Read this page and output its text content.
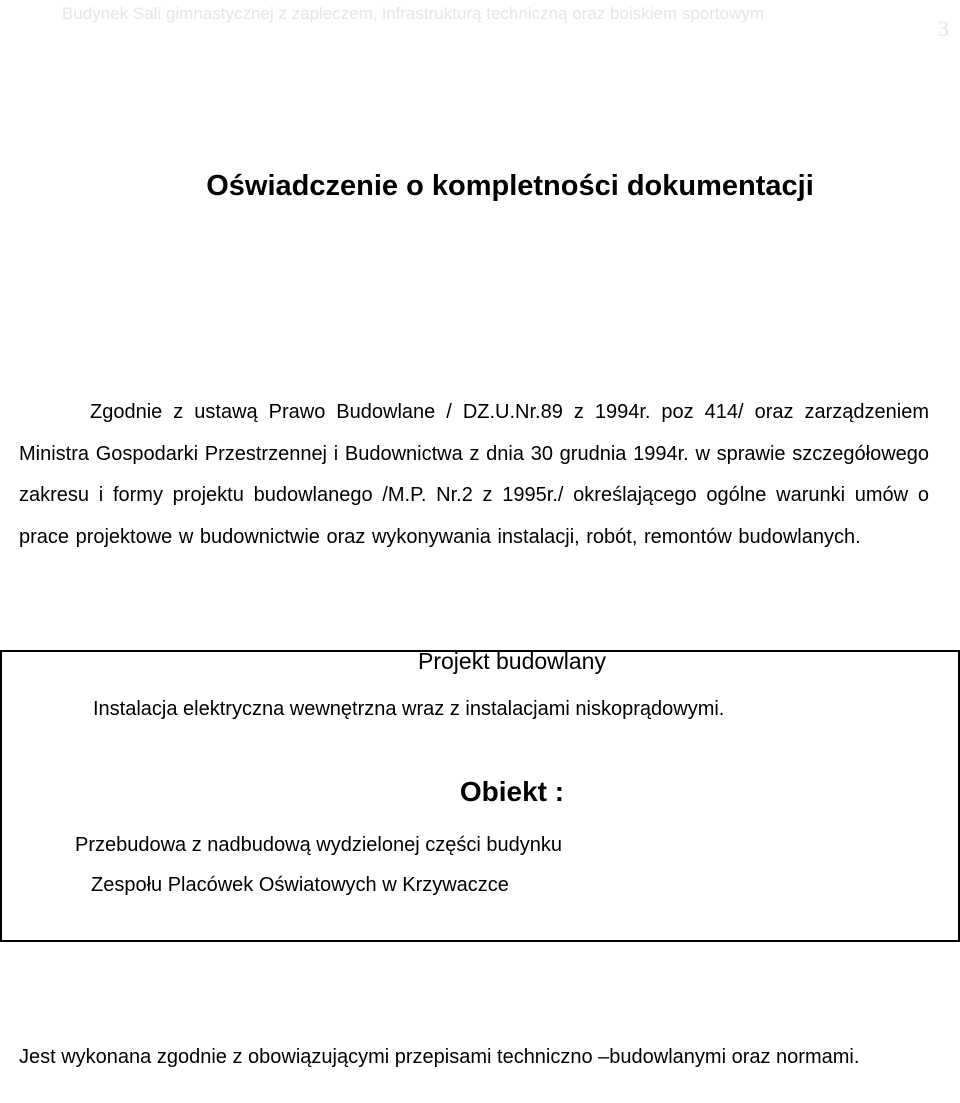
Budynek Sali gimnastycznej z zapleczem, infrastrukturą techniczną oraz boiskiem sportowym
3
Oświadczenie o kompletności dokumentacji

Zgodnie z ustawą Prawo Budowlane / DZ.U.Nr.89 z 1994r. poz 414/ oraz zarządzeniem Ministra Gospodarki Przestrzennej i Budownictwa z dnia 30 grudnia 1994r. w sprawie szczegółowego zakresu i formy projektu budowlanego /M.P. Nr.2 z 1995r./ określającego ogólne warunki umów o prace projektowe w budownictwie oraz wykonywania instalacji, robót, remontów budowlanych.

Projekt budowlany
Instalacja elektryczna wewnętrzna wraz z instalacjami niskoprądowymi.
Obiekt :
Przebudowa z nadbudową wydzielonej części budynku
Zespołu Placówek Oświatowych w Krzywaczce

Jest wykonana zgodnie z obowiązującymi przepisami techniczno –budowlanymi oraz normami.
